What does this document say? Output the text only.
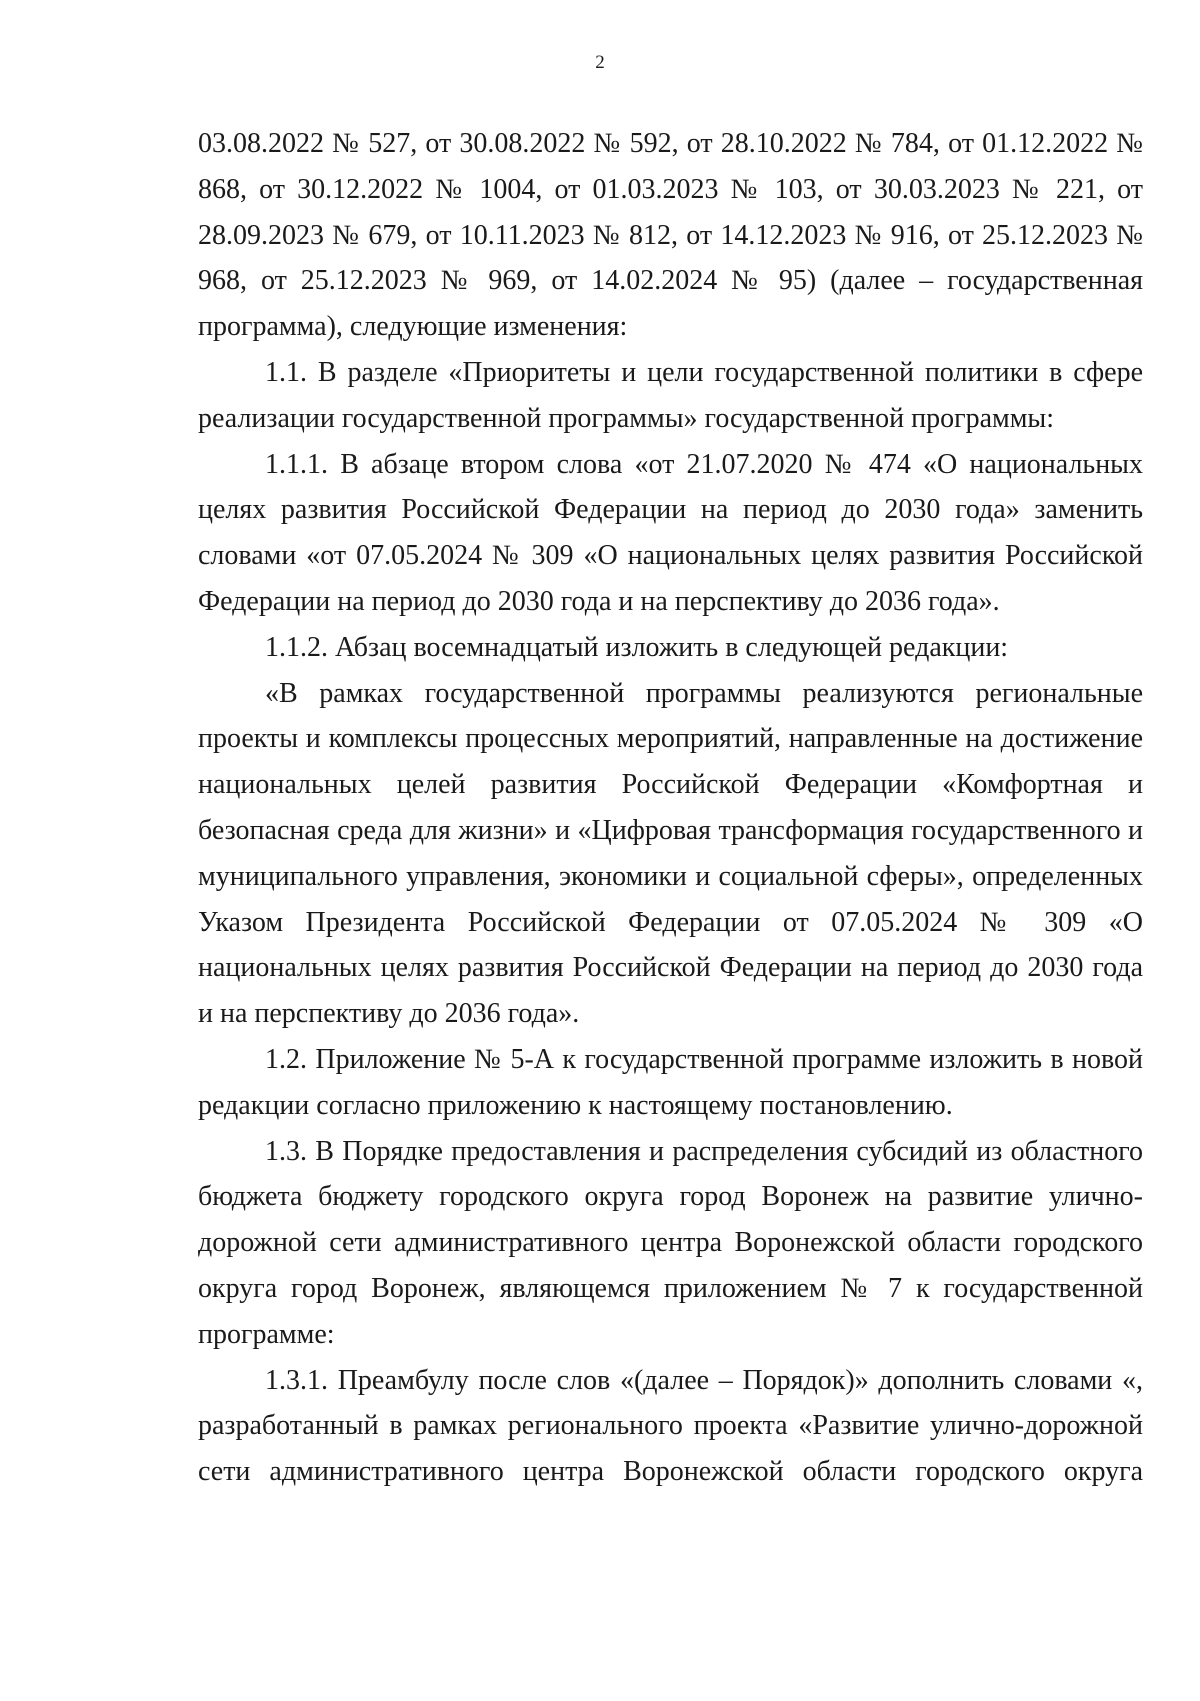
2

03.08.2022 № 527, от 30.08.2022 № 592, от 28.10.2022 № 784, от 01.12.2022 № 868, от 30.12.2022 № 1004, от 01.03.2023 № 103, от 30.03.2023 № 221, от 28.09.2023 № 679, от 10.11.2023 № 812, от 14.12.2023 № 916, от 25.12.2023 № 968, от 25.12.2023 № 969, от 14.02.2024 № 95) (далее – государственная программа), следующие изменения:

1.1. В разделе «Приоритеты и цели государственной политики в сфере реализации государственной программы» государственной программы:

1.1.1. В абзаце втором слова «от 21.07.2020 № 474 «О национальных целях развития Российской Федерации на период до 2030 года» заменить словами «от 07.05.2024 № 309 «О национальных целях развития Российской Федерации на период до 2030 года и на перспективу до 2036 года».

1.1.2. Абзац восемнадцатый изложить в следующей редакции:

«В рамках государственной программы реализуются региональные проекты и комплексы процессных мероприятий, направленные на достижение национальных целей развития Российской Федерации «Комфортная и безопасная среда для жизни» и «Цифровая трансформация государственного и муниципального управления, экономики и социальной сферы», определенных Указом Президента Российской Федерации от 07.05.2024 № 309 «О национальных целях развития Российской Федерации на период до 2030 года и на перспективу до 2036 года».

1.2. Приложение № 5-А к государственной программе изложить в новой редакции согласно приложению к настоящему постановлению.

1.3. В Порядке предоставления и распределения субсидий из областного бюджета бюджету городского округа город Воронеж на развитие улично-дорожной сети административного центра Воронежской области городского округа город Воронеж, являющемся приложением № 7 к государственной программе:

1.3.1. Преамбулу после слов «(далее – Порядок)» дополнить словами «, разработанный в рамках регионального проекта «Развитие улично-дорожной сети административного центра Воронежской области городского округа
